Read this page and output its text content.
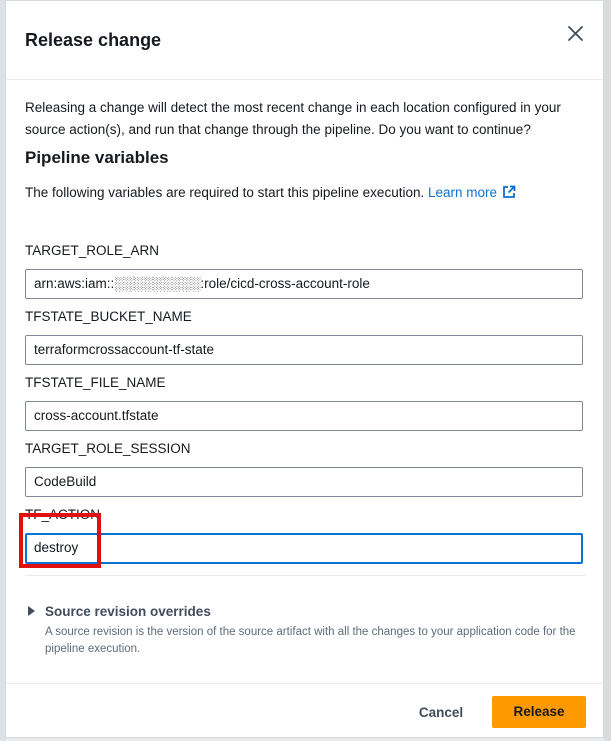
Release change

Releasing a change will detect the most recent change in each location configured in your source action(s), and run that change through the pipeline. Do you want to continue?

Pipeline variables
The following variables are required to start this pipeline execution. Learn more
TARGET_ROLE_ARN
arn:aws:iam::░░░░░░░░░:role/cicd-cross-account-role
TFSTATE_BUCKET_NAME
terraformcrossaccount-tf-state
TFSTATE_FILE_NAME
cross-account.tfstate
TARGET_ROLE_SESSION
CodeBuild
TF_ACTION
destroy
Source revision overrides
A source revision is the version of the source artifact with all the changes to your application code for the pipeline execution.
Cancel	Release
